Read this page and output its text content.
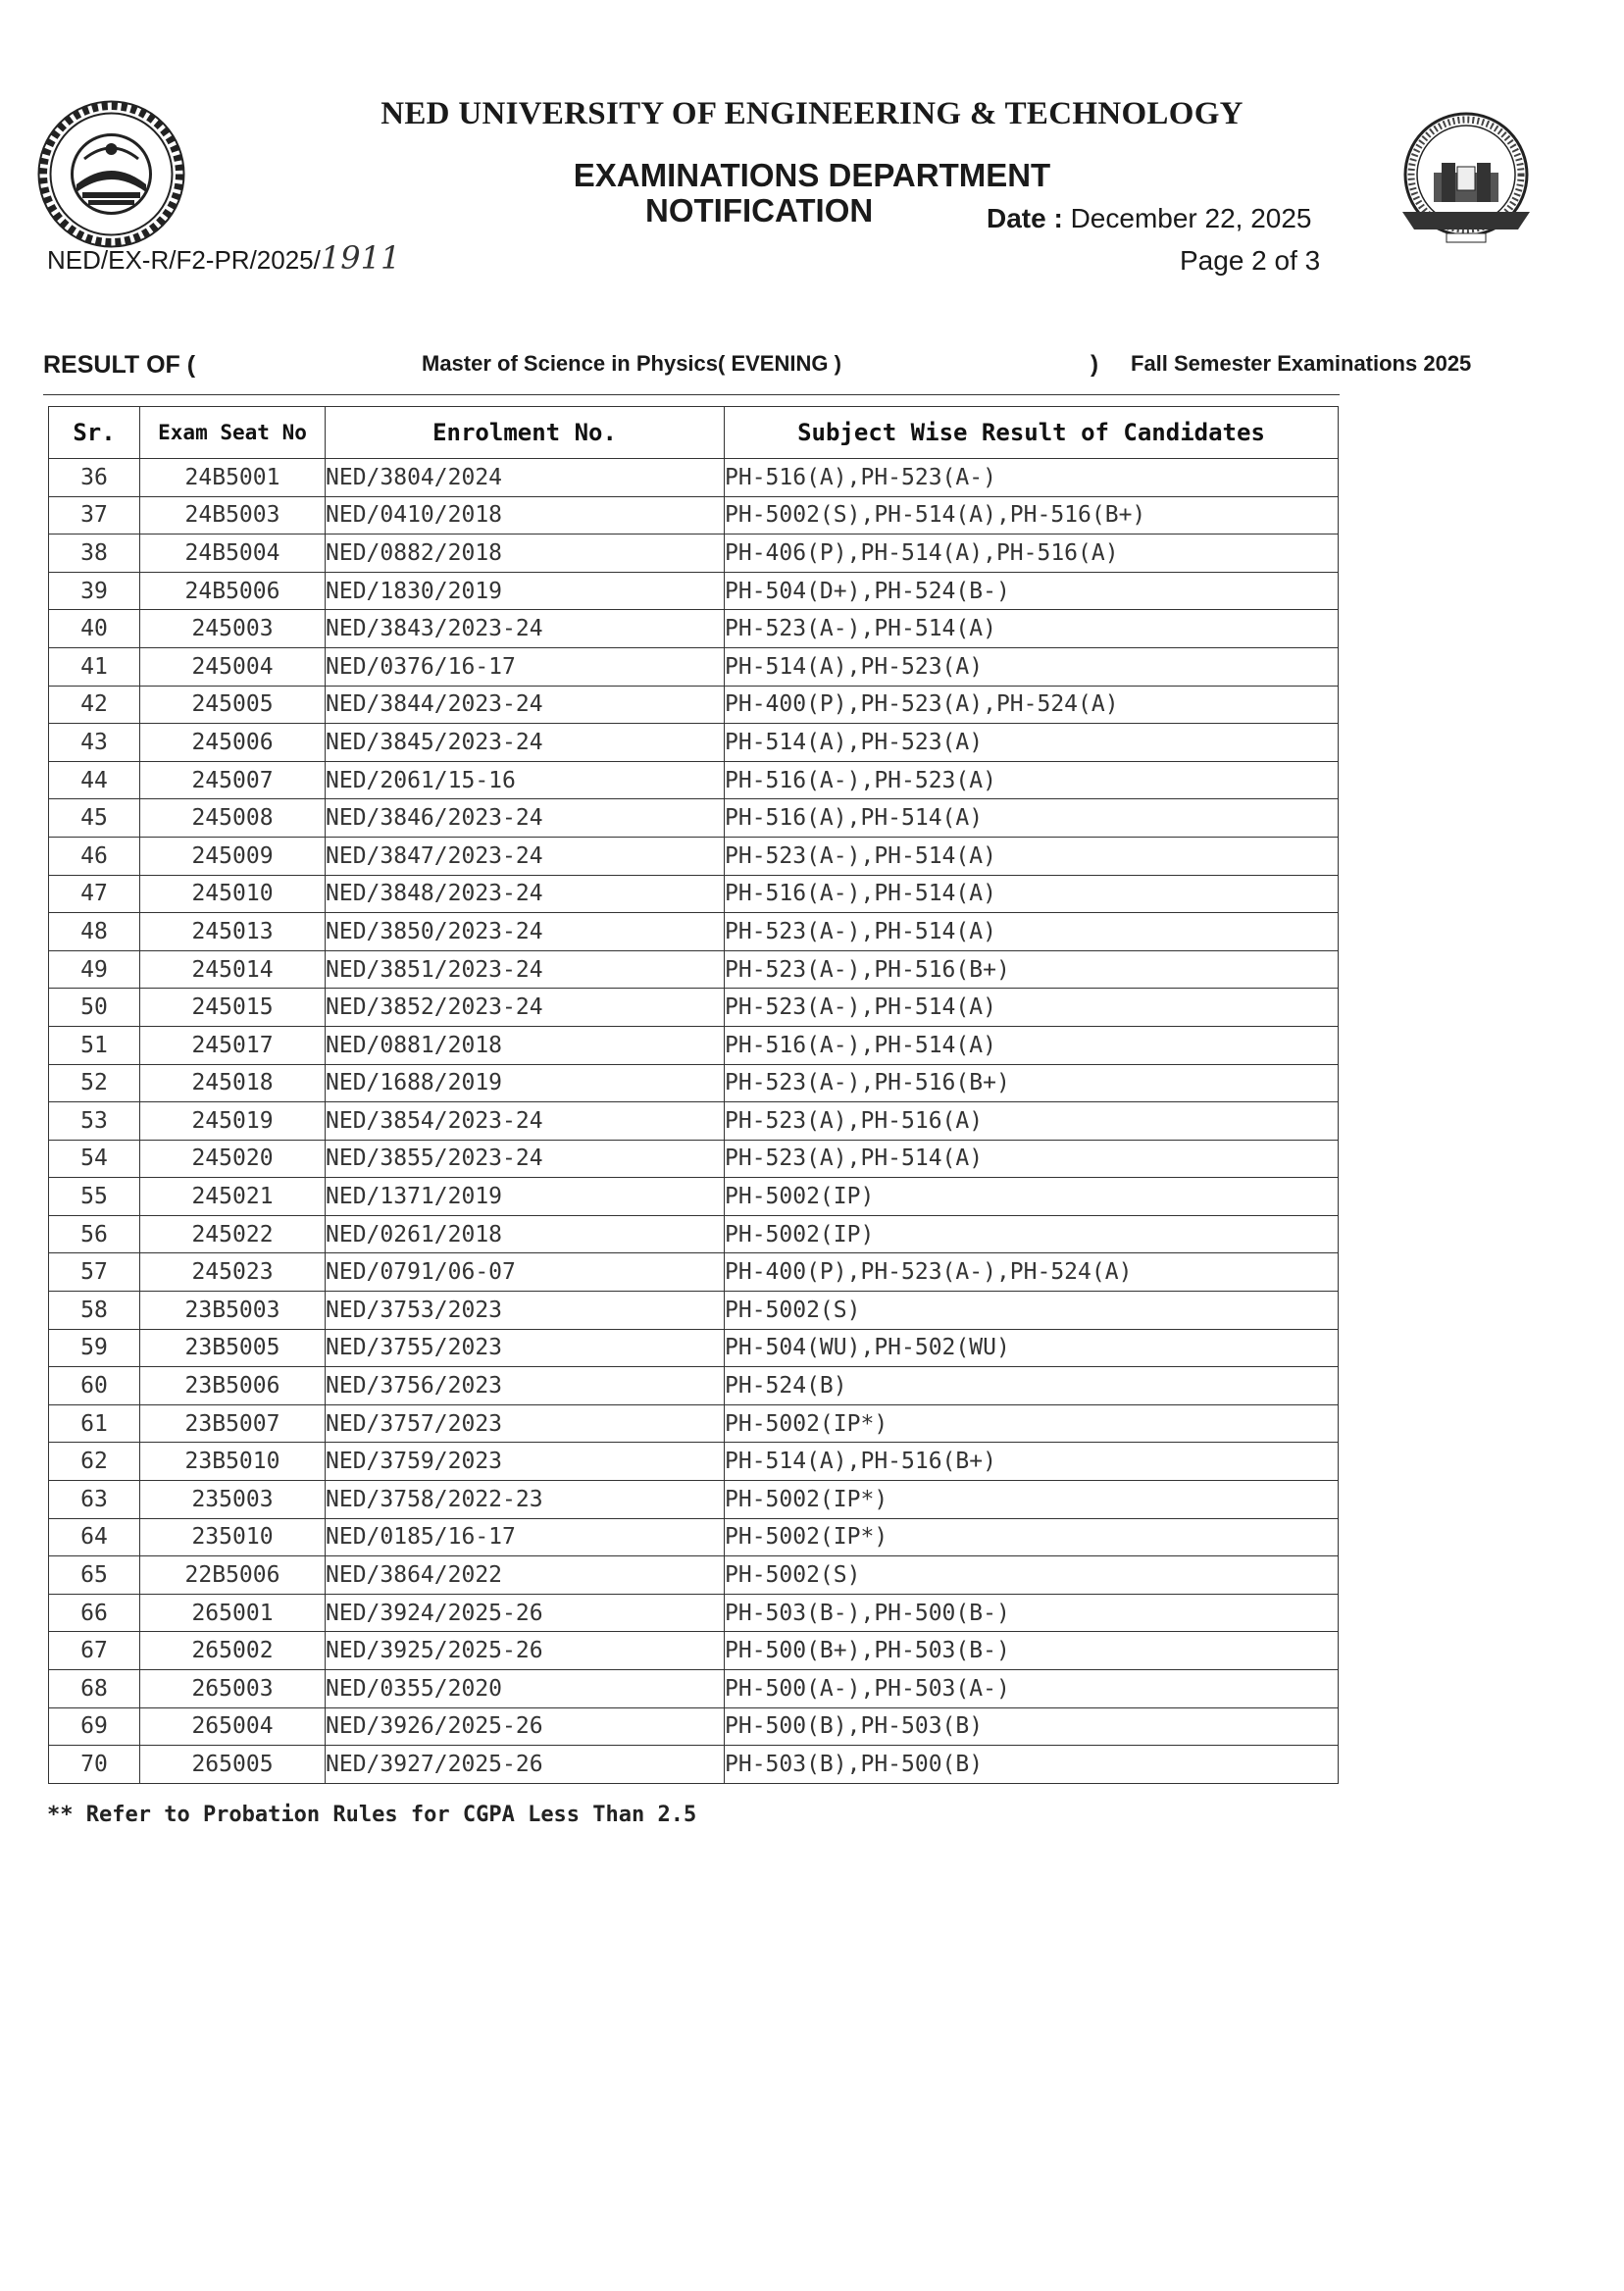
NED UNIVERSITY OF ENGINEERING & TECHNOLOGY
EXAMINATIONS DEPARTMENT
NOTIFICATION	Date : December 22, 2025
Page 2 of 3
NED/EX-R/F2-PR/2025/1911
RESULT OF (	Master of Science in Physics( EVENING )	) Fall Semester Examinations 2025
Sr.	Exam Seat No	Enrolment No.	Subject Wise Result of Candidates
36	24B5001	NED/3804/2024	PH-516(A),PH-523(A-)
37	24B5003	NED/0410/2018	PH-5002(S),PH-514(A),PH-516(B+)
38	24B5004	NED/0882/2018	PH-406(P),PH-514(A),PH-516(A)
39	24B5006	NED/1830/2019	PH-504(D+),PH-524(B-)
40	245003	NED/3843/2023-24	PH-523(A-),PH-514(A)
41	245004	NED/0376/16-17	PH-514(A),PH-523(A)
42	245005	NED/3844/2023-24	PH-400(P),PH-523(A),PH-524(A)
43	245006	NED/3845/2023-24	PH-514(A),PH-523(A)
44	245007	NED/2061/15-16	PH-516(A-),PH-523(A)
45	245008	NED/3846/2023-24	PH-516(A),PH-514(A)
46	245009	NED/3847/2023-24	PH-523(A-),PH-514(A)
47	245010	NED/3848/2023-24	PH-516(A-),PH-514(A)
48	245013	NED/3850/2023-24	PH-523(A-),PH-514(A)
49	245014	NED/3851/2023-24	PH-523(A-),PH-516(B+)
50	245015	NED/3852/2023-24	PH-523(A-),PH-514(A)
51	245017	NED/0881/2018	PH-516(A-),PH-514(A)
52	245018	NED/1688/2019	PH-523(A-),PH-516(B+)
53	245019	NED/3854/2023-24	PH-523(A),PH-516(A)
54	245020	NED/3855/2023-24	PH-523(A),PH-514(A)
55	245021	NED/1371/2019	PH-5002(IP)
56	245022	NED/0261/2018	PH-5002(IP)
57	245023	NED/0791/06-07	PH-400(P),PH-523(A-),PH-524(A)
58	23B5003	NED/3753/2023	PH-5002(S)
59	23B5005	NED/3755/2023	PH-504(WU),PH-502(WU)
60	23B5006	NED/3756/2023	PH-524(B)
61	23B5007	NED/3757/2023	PH-5002(IP*)
62	23B5010	NED/3759/2023	PH-514(A),PH-516(B+)
63	235003	NED/3758/2022-23	PH-5002(IP*)
64	235010	NED/0185/16-17	PH-5002(IP*)
65	22B5006	NED/3864/2022	PH-5002(S)
66	265001	NED/3924/2025-26	PH-503(B-),PH-500(B-)
67	265002	NED/3925/2025-26	PH-500(B+),PH-503(B-)
68	265003	NED/0355/2020	PH-500(A-),PH-503(A-)
69	265004	NED/3926/2025-26	PH-500(B),PH-503(B)
70	265005	NED/3927/2025-26	PH-503(B),PH-500(B)
** Refer to Probation Rules for CGPA Less Than 2.5
